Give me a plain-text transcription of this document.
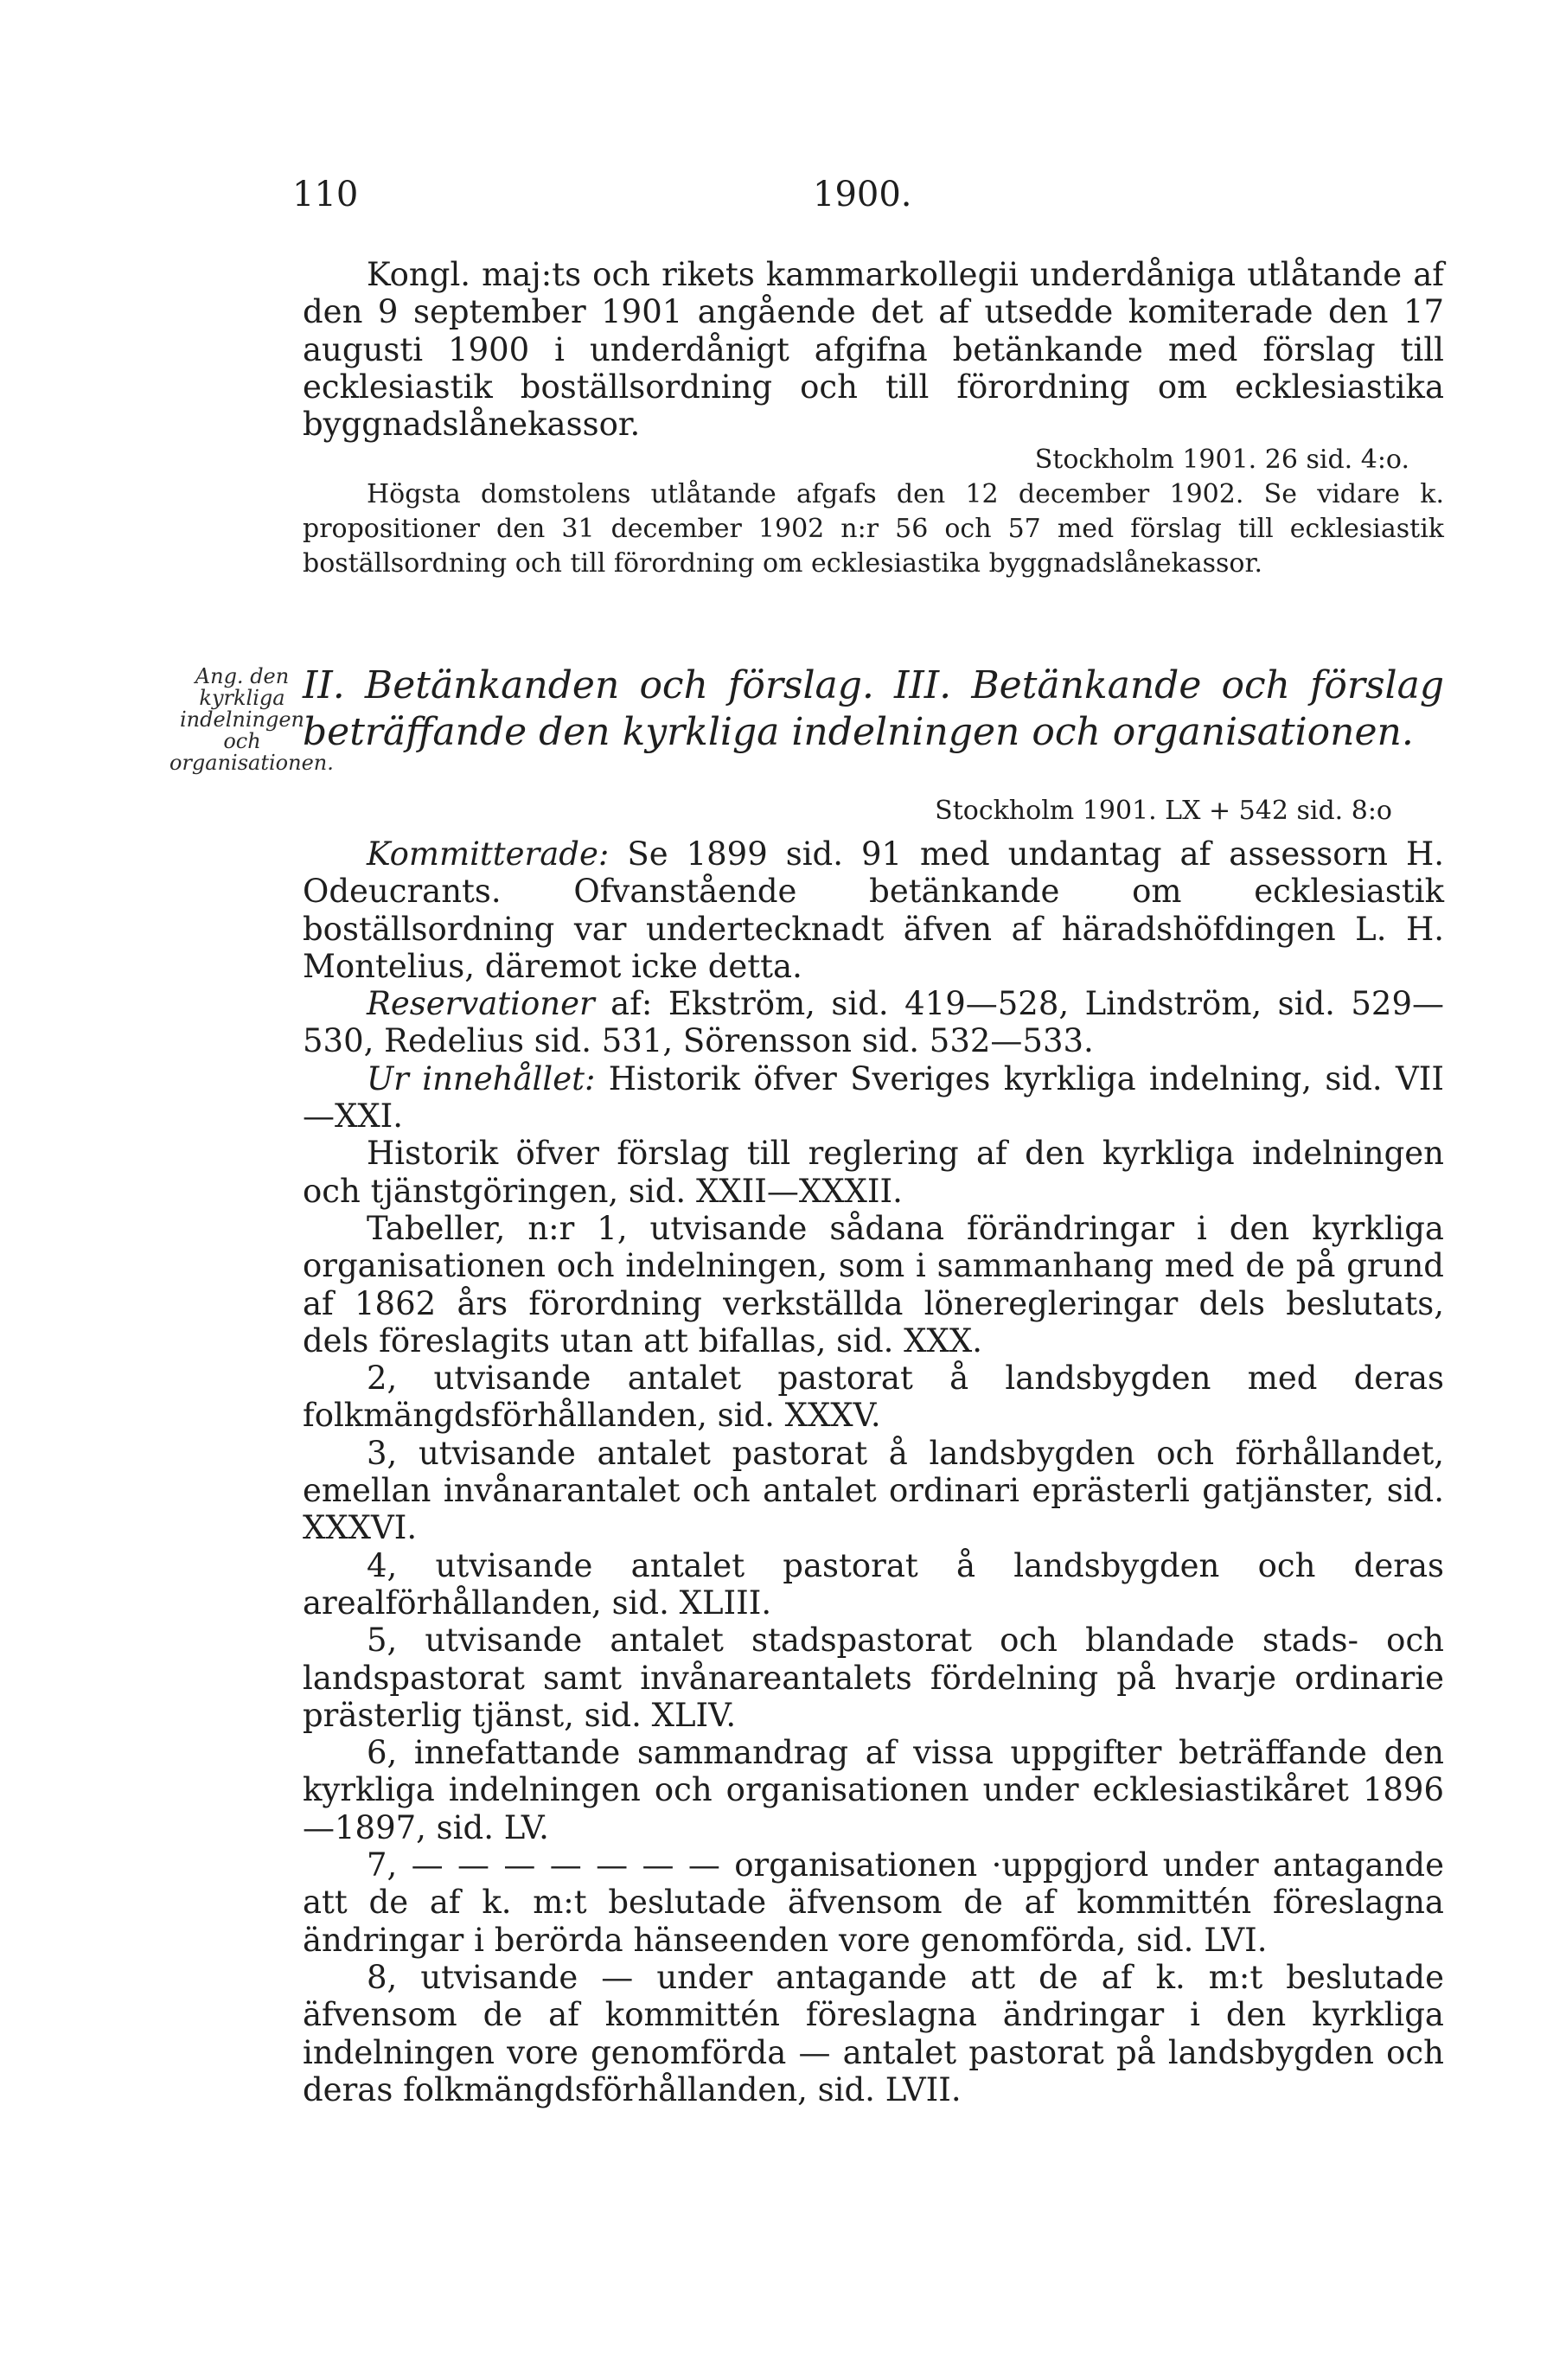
110	1900.

Kongl. maj:ts och rikets kammarkollegii underdåniga utlåtande af den 9 september 1901 angående det af utsedde komiterade den 17 augusti 1900 i underdånigt afgifna betänkande med förslag till ecklesiastik boställsordning och till förordning om ecklesiastika byggnadslånekassor.

Stockholm 1901. 26 sid. 4:o.

Högsta domstolens utlåtande afgafs den 12 december 1902. Se vidare k. propositioner den 31 december 1902 n:r 56 och 57 med förslag till ecklesiastik boställsordning och till förordning om ecklesiastika byggnadslånekassor.

Ang. den kyrkliga indelningen och organisationen.

II. Betänkanden och förslag. III. Betänkande och förslag beträffande den kyrkliga indelningen och organisationen.

Stockholm 1901. LX + 542 sid. 8:o

Kommitterade: Se 1899 sid. 91 med undantag af assessorn H. Odeucrants. Ofvanstående betänkande om ecklesiastik boställsordning var undertecknadt äfven af häradshöfdingen L. H. Montelius, däremot icke detta.

Reservationer af: Ekström, sid. 419—528, Lindström, sid. 529—530, Redelius sid. 531, Sörensson sid. 532—533.

Ur innehållet: Historik öfver Sveriges kyrkliga indelning, sid. VII—XXI.

Historik öfver förslag till reglering af den kyrkliga indelningen och tjänstgöringen, sid. XXII—XXXII.

Tabeller, n:r 1, utvisande sådana förändringar i den kyrkliga organisationen och indelningen, som i sammanhang med de på grund af 1862 års förordning verkställda löneregleringar dels beslutats, dels föreslagits utan att bifallas, sid. XXX.

2, utvisande antalet pastorat å landsbygden med deras folkmängdsförhållanden, sid. XXXV.

3, utvisande antalet pastorat å landsbygden och förhållandet, emellan invånarantalet och antalet ordinari eprästerli gatjänster, sid. XXXVI.

4, utvisande antalet pastorat å landsbygden och deras arealförhållanden, sid. XLIII.

5, utvisande antalet stadspastorat och blandade stads- och landspastorat samt invånareantalets fördelning på hvarje ordinarie prästerlig tjänst, sid. XLIV.

6, innefattande sammandrag af vissa uppgifter beträffande den kyrkliga indelningen och organisationen under ecklesiastikåret 1896—1897, sid. LV.

7, — — — — — — — organisationen ·uppgjord under antagande att de af k. m:t beslutade äfvensom de af kommittén föreslagna ändringar i berörda hänseenden vore genomförda, sid. LVI.

8, utvisande — under antagande att de af k. m:t beslutade äfvensom de af kommittén föreslagna ändringar i den kyrkliga indelningen vore genomförda — antalet pastorat på landsbygden och deras folkmängdsförhållanden, sid. LVII.
